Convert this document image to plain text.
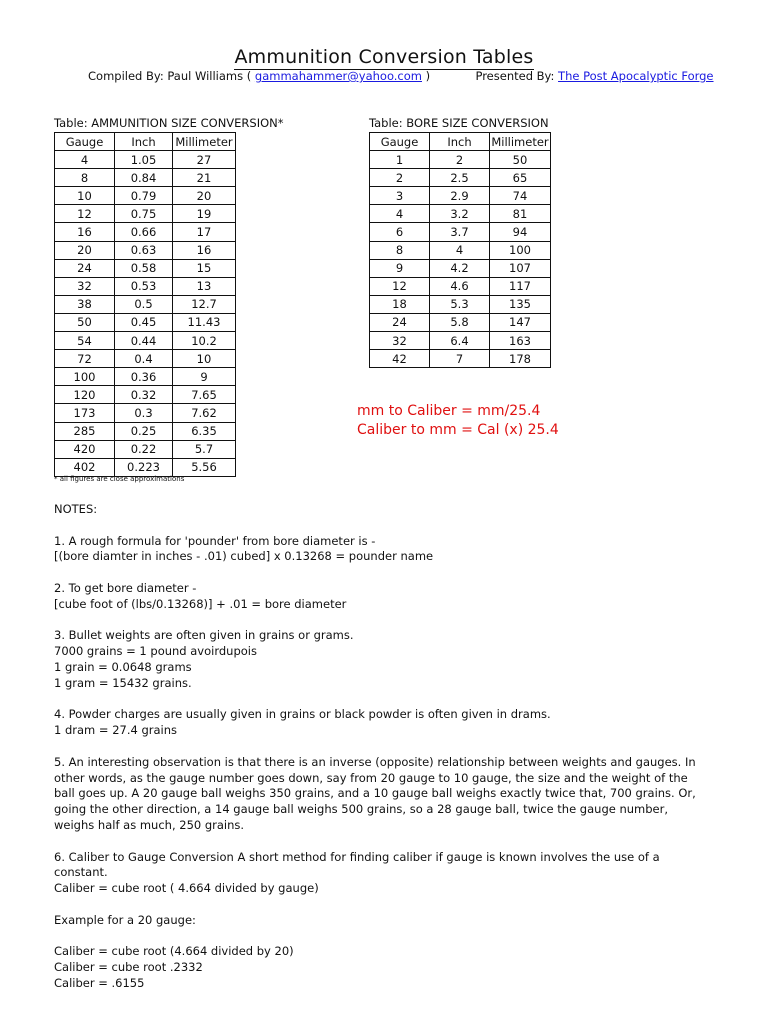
Ammunition Conversion Tables
Compiled By: Paul Williams ( gammahammer@yahoo.com )	Presented By: The Post Apocalyptic Forge
Table: AMMUNITION SIZE CONVERSION*
Gauge	Inch	Millimeter
4	1.05	27
8	0.84	21
10	0.79	20
12	0.75	19
16	0.66	17
20	0.63	16
24	0.58	15
32	0.53	13
38	0.5	12.7
50	0.45	11.43
54	0.44	10.2
72	0.4	10
100	0.36	9
120	0.32	7.65
173	0.3	7.62
285	0.25	6.35
420	0.22	5.7
402	0.223	5.56
Table: BORE SIZE CONVERSION
Gauge	Inch	Millimeter
1	2	50
2	2.5	65
3	2.9	74
4	3.2	81
6	3.7	94
8	4	100
9	4.2	107
12	4.6	117
18	5.3	135
24	5.8	147
32	6.4	163
42	7	178
* all figures are close approximations
mm to Caliber = mm/25.4
Caliber to mm = Cal (x) 25.4

NOTES:

1. A rough formula for 'pounder' from bore diameter is -
[(bore diamter in inches - .01) cubed] x 0.13268 = pounder name

2. To get bore diameter -
[cube foot of (lbs/0.13268)] + .01 = bore diameter

3. Bullet weights are often given in grains or grams.
7000 grains = 1 pound avoirdupois
1 grain = 0.0648 grams
1 gram = 15432 grains.

4. Powder charges are usually given in grains or black powder is often given in drams.
1 dram = 27.4 grains

5. An interesting observation is that there is an inverse (opposite) relationship between weights and gauges. In other words, as the gauge number goes down, say from 20 gauge to 10 gauge, the size and the weight of the ball goes up. A 20 gauge ball weighs 350 grains, and a 10 gauge ball weighs exactly twice that, 700 grains. Or, going the other direction, a 14 gauge ball weighs 500 grains, so a 28 gauge ball, twice the gauge number, weighs half as much, 250 grains.

6. Caliber to Gauge Conversion A short method for finding caliber if gauge is known involves the use of a constant.
Caliber = cube root ( 4.664 divided by gauge)

Example for a 20 gauge:

Caliber = cube root (4.664 divided by 20)
Caliber = cube root .2332
Caliber = .6155
